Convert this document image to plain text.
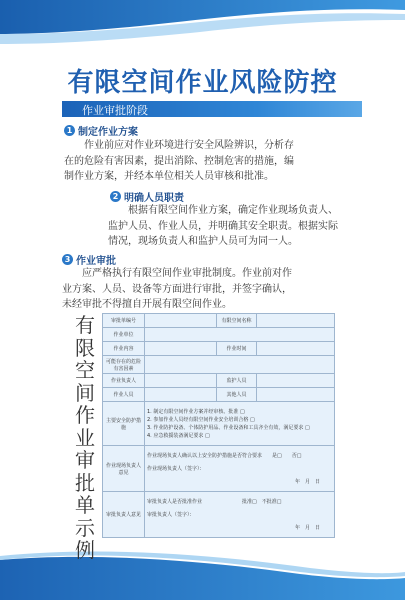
有限空间作业风险防控
作业审批阶段
1 制定作业方案

作业前应对作业环境进行安全风险辨识，分析存

在的危险有害因素，提出消除、控制危害的措施，编

制作业方案，并经本单位相关人员审核和批准。

2 明确人员职责

根据有限空间作业方案，确定作业现场负责人、

监护人员、作业人员，并明确其安全职责。根据实际

情况，现场负责人和监护人员可为同一人。

3 作业审批

应严格执行有限空间作业审批制度。作业前对作

业方案、人员、设备等方面进行审批，并签字确认，

未经审批不得擅自开展有限空间作业。

有
限
空
间
作
业
审
批
单
示
例
审批单编号		有限空间名称	
作业单位			
作业内容		作业时间	
可能存在的危险有害因素			
作业负责人		监护人员	
作业人员		其他人员	
主要安全防护措施	1. 制定有限空间作业方案并经审核、批准 □
2. 参加作业人员经有限空间作业安全培训合格 □
3. 作业防护设备、个体防护用品、作业设备和工具齐全有效，满足要求 □
4. 应急救援装备满足要求 □		

作业现场负责人意见	作业现场负责人确认以上安全防护措施是否符合要求　　是□　　否□
作业现场负责人（签字）：
年　月　日		

审批负责人意见	审批负责人是否批准作业　　　　　　　　批准□　不批准□
审批负责人（签字）：
年　月　日		
